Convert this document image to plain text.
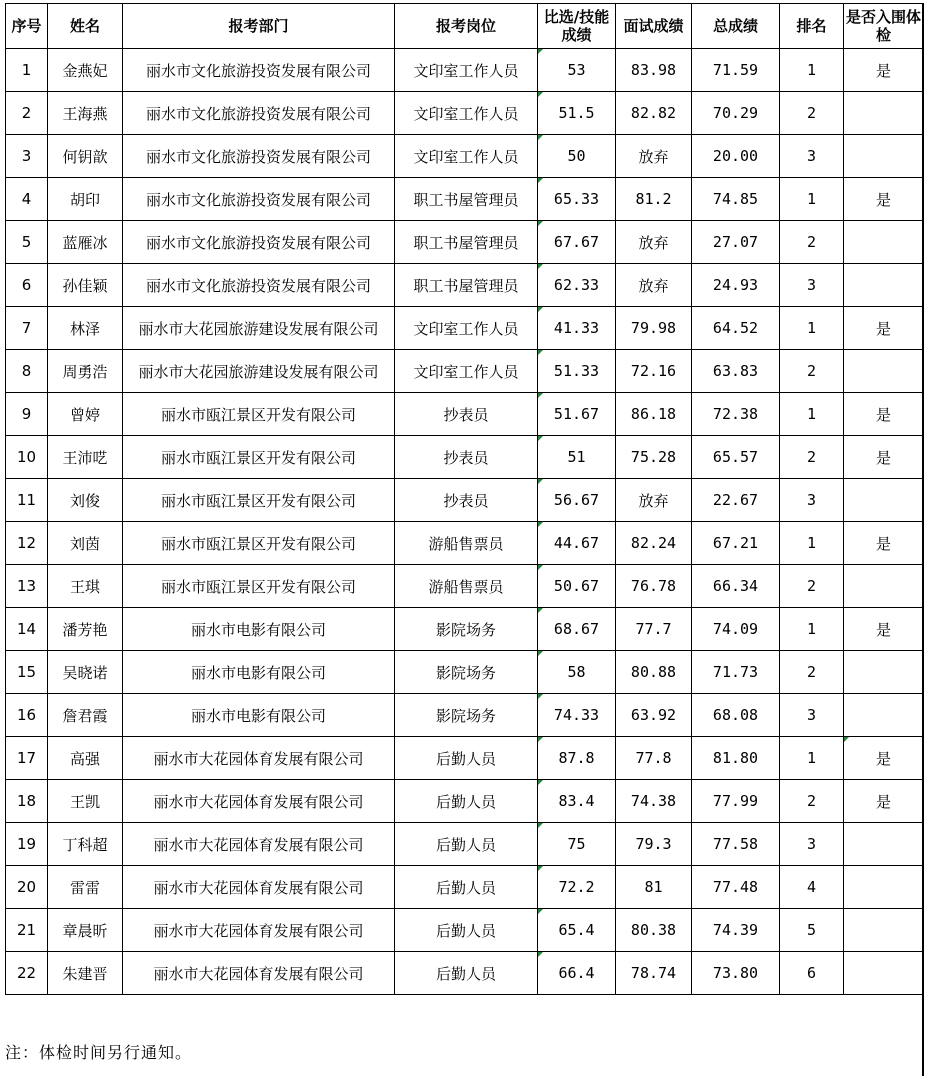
序号	姓名	报考部门	报考岗位	比选/技能成绩	面试成绩	总成绩	排名	是否入围体检
1	金燕妃	丽水市文化旅游投资发展有限公司	文印室工作人员	53	83.98	71.59	1	是
2	王海燕	丽水市文化旅游投资发展有限公司	文印室工作人员	51.5	82.82	70.29	2	
3	何钥歆	丽水市文化旅游投资发展有限公司	文印室工作人员	50	放弃	20.00	3	
4	胡印	丽水市文化旅游投资发展有限公司	职工书屋管理员	65.33	81.2	74.85	1	是
5	蓝雁冰	丽水市文化旅游投资发展有限公司	职工书屋管理员	67.67	放弃	27.07	2	
6	孙佳颖	丽水市文化旅游投资发展有限公司	职工书屋管理员	62.33	放弃	24.93	3	
7	林泽	丽水市大花园旅游建设发展有限公司	文印室工作人员	41.33	79.98	64.52	1	是
8	周勇浩	丽水市大花园旅游建设发展有限公司	文印室工作人员	51.33	72.16	63.83	2	
9	曾婷	丽水市瓯江景区开发有限公司	抄表员	51.67	86.18	72.38	1	是
10	王沛呓	丽水市瓯江景区开发有限公司	抄表员	51	75.28	65.57	2	是
11	刘俊	丽水市瓯江景区开发有限公司	抄表员	56.67	放弃	22.67	3	
12	刘茵	丽水市瓯江景区开发有限公司	游船售票员	44.67	82.24	67.21	1	是
13	王琪	丽水市瓯江景区开发有限公司	游船售票员	50.67	76.78	66.34	2	
14	潘芳艳	丽水市电影有限公司	影院场务	68.67	77.7	74.09	1	是
15	吴晓诺	丽水市电影有限公司	影院场务	58	80.88	71.73	2	
16	詹君霞	丽水市电影有限公司	影院场务	74.33	63.92	68.08	3	
17	高强	丽水市大花园体育发展有限公司	后勤人员	87.8	77.8	81.80	1	是
18	王凯	丽水市大花园体育发展有限公司	后勤人员	83.4	74.38	77.99	2	是
19	丁科超	丽水市大花园体育发展有限公司	后勤人员	75	79.3	77.58	3	
20	雷雷	丽水市大花园体育发展有限公司	后勤人员	72.2	81	77.48	4	
21	章晨昕	丽水市大花园体育发展有限公司	后勤人员	65.4	80.38	74.39	5	
22	朱建晋	丽水市大花园体育发展有限公司	后勤人员	66.4	78.74	73.80	6	
注：体检时间另行通知。
